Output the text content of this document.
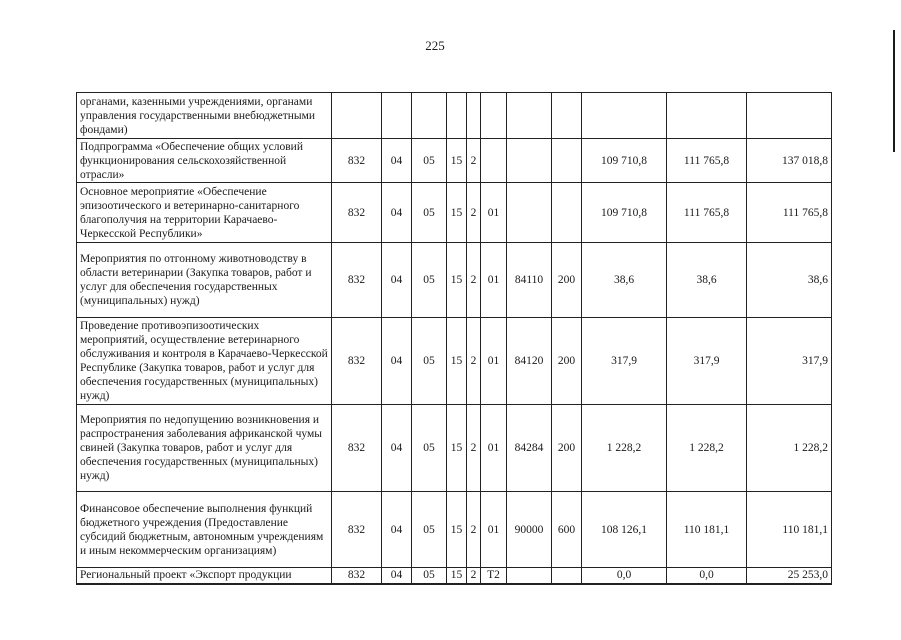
225
органами, казенными учреждениями, органами управления государственными внебюджетными фондами)											
Подпрограмма «Обеспечение общих условий функционирования сельскохозяйственной отрасли»	832	04	05	15	2				109 710,8	111 765,8	137 018,8
Основное мероприятие «Обеспечение эпизоотического и ветеринарно-санитарного благополучия на территории Карачаево-Черкесской Республики»	832	04	05	15	2	01			109 710,8	111 765,8	111 765,8
Мероприятия по отгонному животноводству в области ветеринарии (Закупка товаров, работ и услуг для обеспечения государственных (муниципальных) нужд)	832	04	05	15	2	01	84110	200	38,6	38,6	38,6
Проведение противоэпизоотических мероприятий, осуществление ветеринарного обслуживания и контроля в Карачаево-Черкесской Республике (Закупка товаров, работ и услуг для обеспечения государственных (муниципальных) нужд)	832	04	05	15	2	01	84120	200	317,9	317,9	317,9
Мероприятия по недопущению возникновения и распространения заболевания африканской чумы свиней (Закупка товаров, работ и услуг для обеспечения государственных (муниципальных) нужд)	832	04	05	15	2	01	84284	200	1 228,2	1 228,2	1 228,2
Финансовое обеспечение выполнения функций бюджетного учреждения (Предоставление субсидий бюджетным, автономным учреждениям и иным некоммерческим организациям)	832	04	05	15	2	01	90000	600	108 126,1	110 181,1	110 181,1
Региональный проект «Экспорт продукции	832	04	05	15	2	Т2			0,0	0,0	25 253,0
